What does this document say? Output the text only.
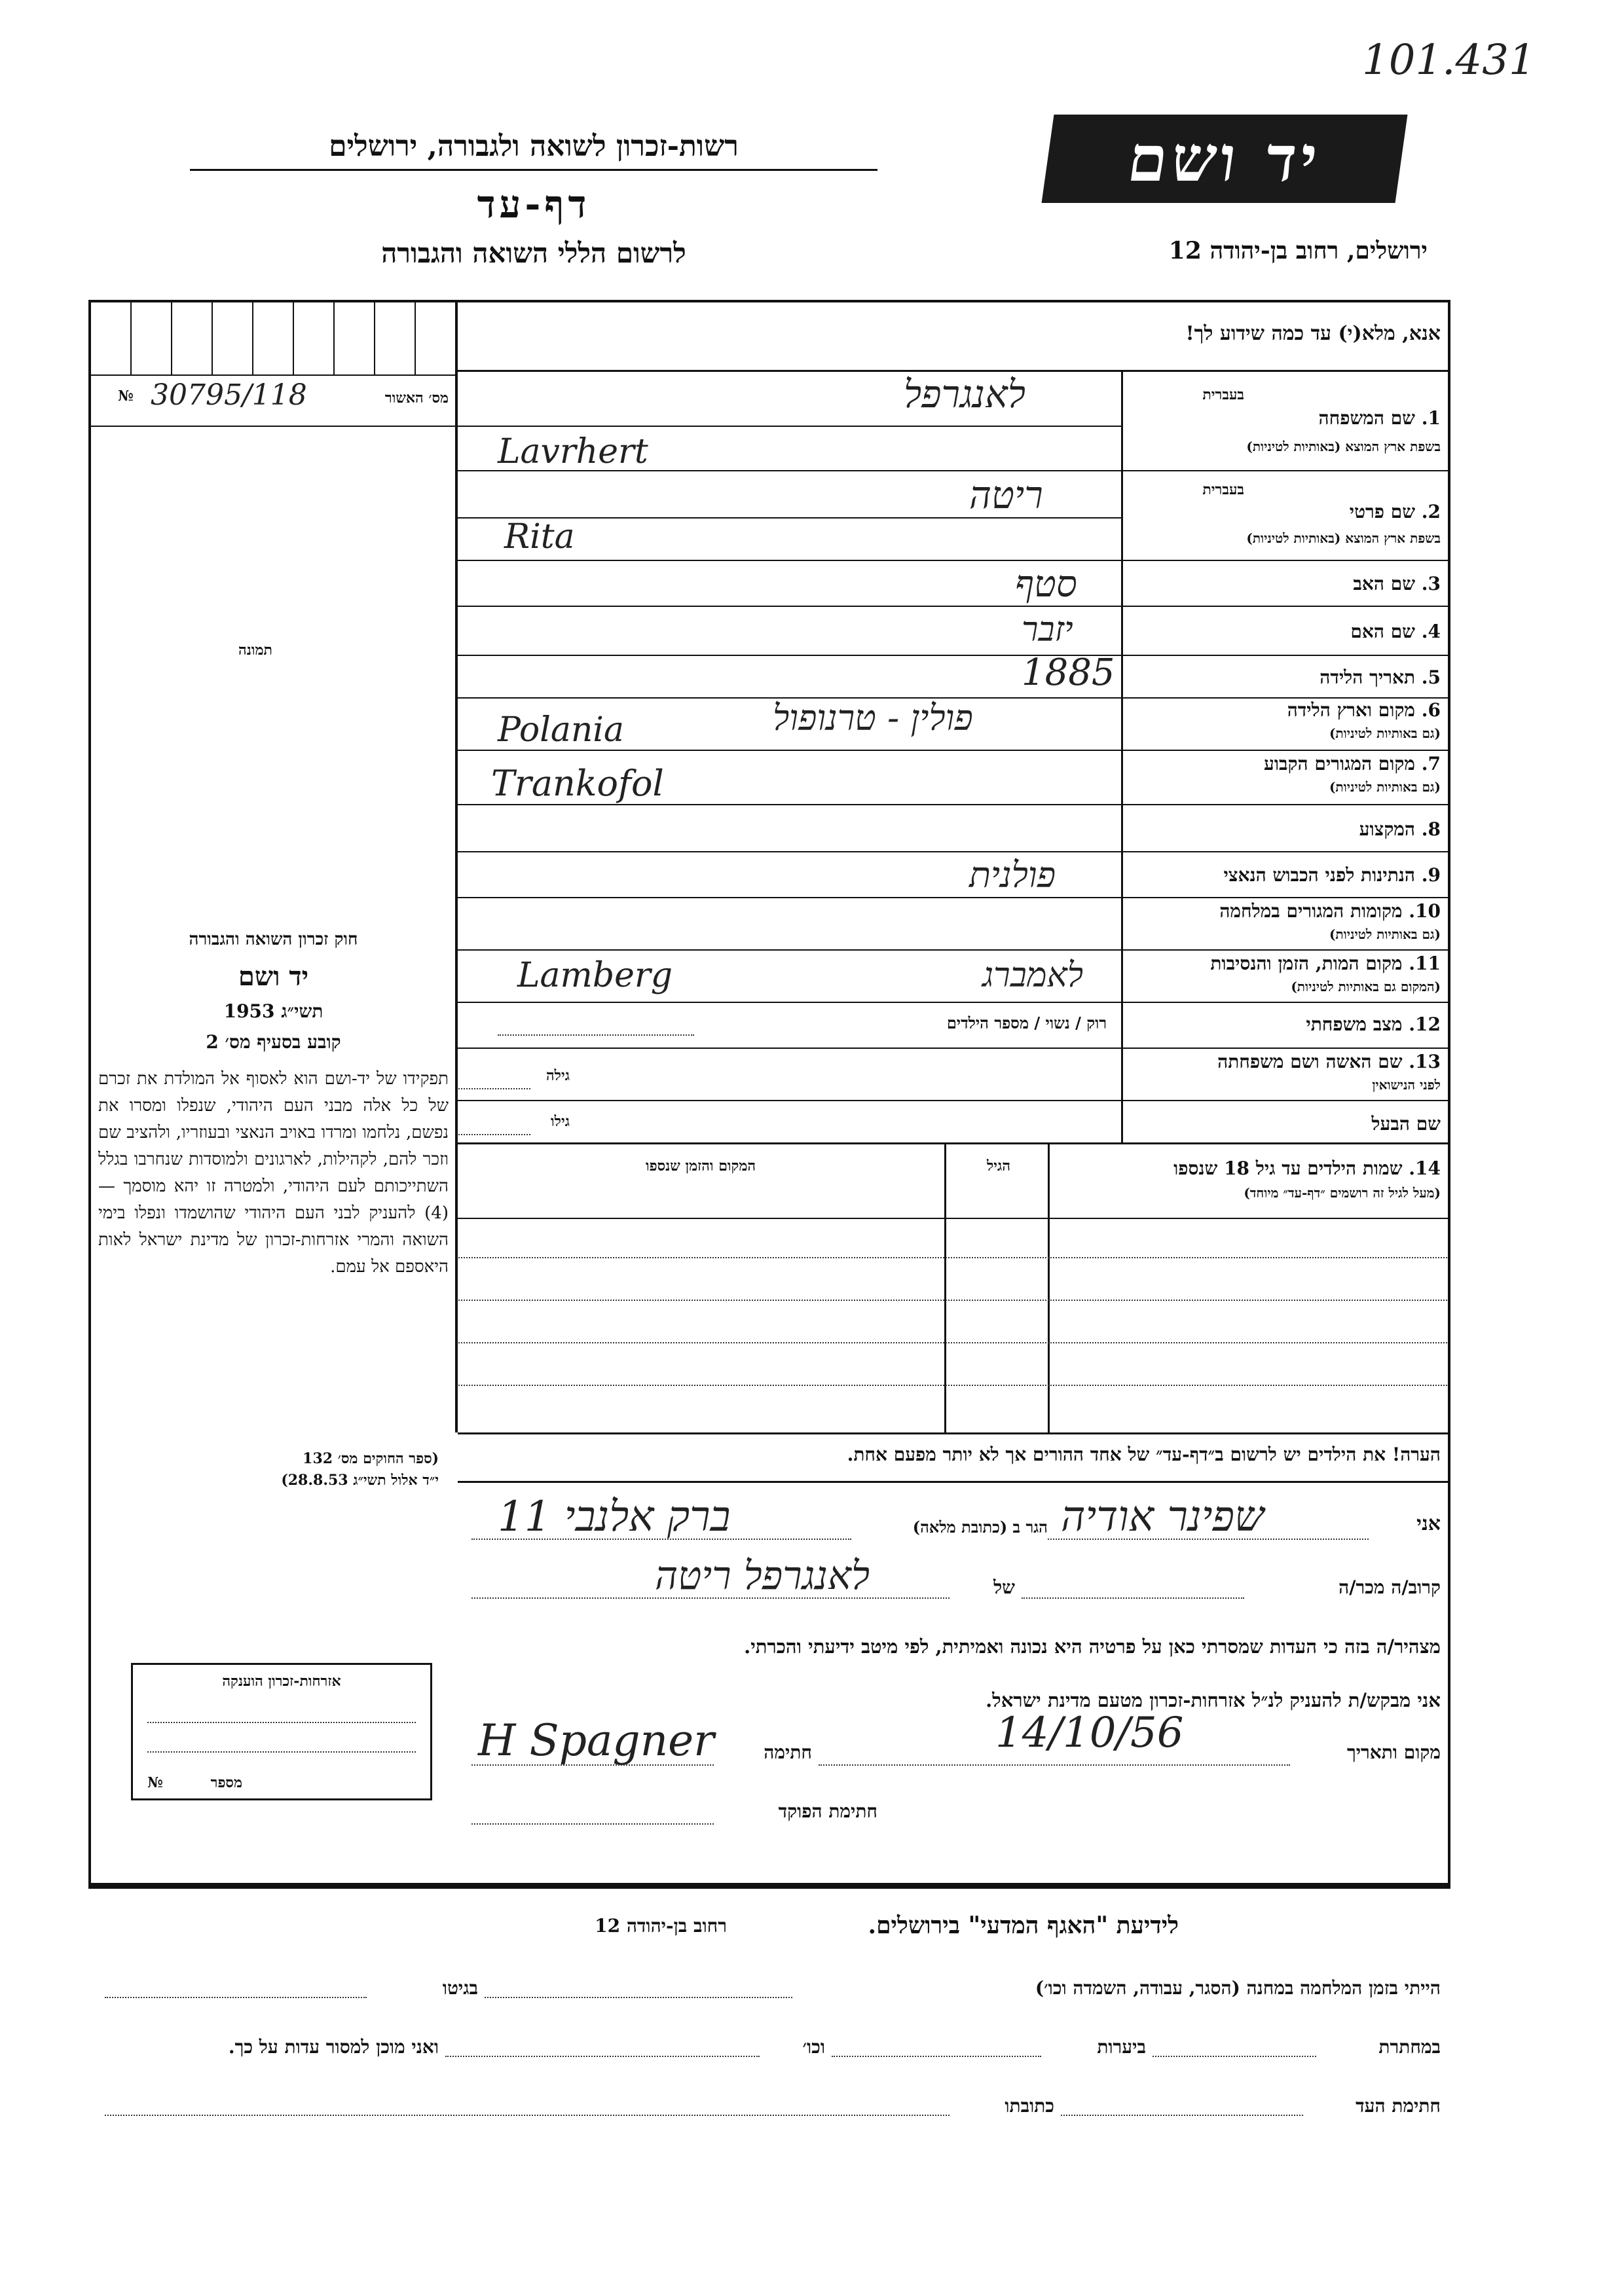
101.431
יד ושם
רשות-זכרון לשואה ולגבורה, ירושלים
דף-עד
לרשום הללי השואה והגבורה	ירושלים, רחוב בן-יהודה 12
מס׳ האשור
№ 30795/118
תמונה
חוק זכרון השואה והגבורה
יד ושם
תשי״ג 1953
קובע בסעיף מס׳ 2
תפקידו של יד-ושם הוא לאסוף אל המולדת את זכרם של כל אלה מבני העם היהודי, שנפלו ומסרו את נפשם, נלחמו ומרדו באויב הנאצי ובעוזריו, ולהציב שם וזכר להם, לקהילות, לארגונים ולמוסדות שנחרבו בגלל השתייכותם לעם היהודי, ולמטרה זו יהא מוסמך — (4) להעניק לבני העם היהודי שהושמדו ונפלו בימי השואה והמרי אזרחות-זכרון של מדינת ישראל לאות היאספם אל עמם.
(ספר החוקים מס׳ 132
י״ד אלול תשי״ג 28.8.53)
אזרחות-זכרון הוענקה
מספר
№
אנא, מלא(י) עד כמה שידוע לך!
בעברית
1. שם המשפחה
בשפת ארץ המוצא (באותיות לטיניות)
לאנגרפל
Lavrhert
בעברית
2. שם פרטי
בשפת ארץ המוצא (באותיות לטיניות)
ריטה
Rita
3. שם האב
סטף
4. שם האם
יזבר
5. תאריך הלידה
1885
6. מקום וארץ הלידה
(גם באותיות לטיניות)
פולין - טרנופול
Polania
7. מקום המגורים הקבוע
(גם באותיות לטיניות)
Trankofol
8. המקצוע
9. הנתינות לפני הכבוש הנאצי
פולנית
10. מקומות המגורים במלחמה
(גם באותיות לטיניות)
11. מקום המות, הזמן והנסיבות
(המקום גם באותיות לטיניות)
לאמברג
Lamberg
12. מצב משפחתי
רוק / נשוי / מספר הילדים
13. שם האשה ושם משפחתה
לפני הנישואין
גילה
שם הבעל
גילו
14. שמות הילדים עד גיל 18 שנספו
(מעל לגיל זה רושמים ״דף-עד״ מיוחד)
הגיל
המקום והזמן שנספו
הערה! את הילדים יש לרשום ב״דף-עד״ של אחד ההורים אך לא יותר מפעם אחת.
אני
שפינר אודיה
הגר ב (כתובת מלאה)
ברק אלנבי 11
קרוב/ה מכר/ה
של
לאנגרפל ריטה
מצהיר/ה בזה כי העדות שמסרתי כאן על פרטיה היא נכונה ואמיתית, לפי מיטב ידיעתי והכרתי.
אני מבקש/ת להעניק לנ״ל אזרחות-זכרון מטעם מדינת ישראל.
מקום ותאריך
14/10/56
חתימה
H Spagner
חתימת הפוקד
לידיעת "האגף המדעי" בירושלים.
רחוב בן-יהודה 12
הייתי בזמן המלחמה במחנה (הסגר, עבודה, השמדה וכו׳)
בגיטו
במחתרת
ביערות
וכו׳
ואני מוכן למסור עדות על כך.
חתימת העד
כתובתו
